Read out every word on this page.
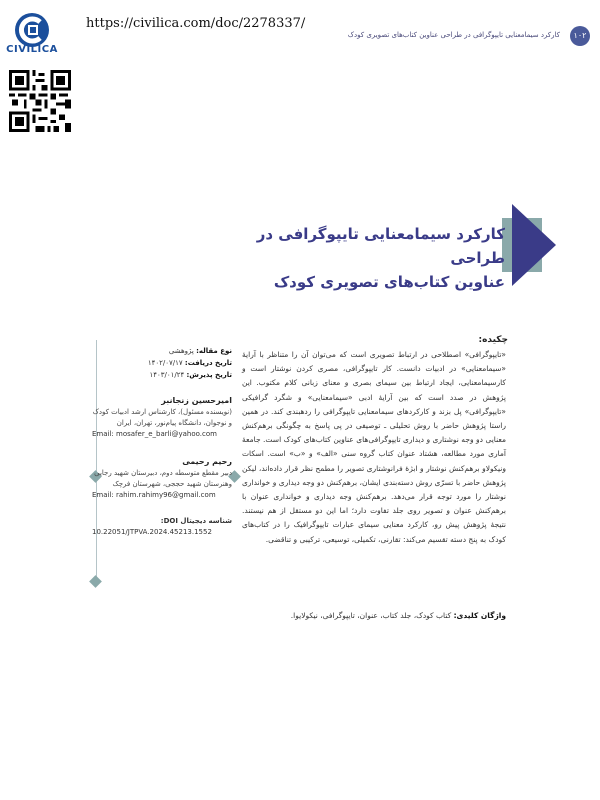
CIVILICA
https://civilica.com/doc/2278337/
۱۰۲
کارکرد سیمامعنایی تایپوگرافی در طراحی عناوین کتاب‌های تصویری کودک
کارکرد سیمامعنایی تایپوگرافی در طراحی
عناوین کتاب‌های تصویری کودک
چکیده:
«تایپوگرافی» اصطلاحی در ارتباط تصویری است که می‌توان آن را متناظر با آرایهٔ «سیمامعنایی» در ادبیات دانست. کار تایپوگرافی، مصری کردن نوشتار است و کارسیمامعنایی، ایجاد ارتباط بین سیمای بصری و معنای زبانی کلام مکتوب. این پژوهش در صدد است که بین آرایهٔ ادبی «سیمامعنایی» و شگرد گرافیکی «تایپوگرافی» پل بزند و کارکردهای سیمامعنایی تایپوگرافی را ردهبندی کند. در همین راستا پژوهش حاضر با روش تحلیلی ـ توصیفی در پی پاسخ به چگونگی برهم‌کنش معنایی دو وجه نوشتاری و دیداری تایپوگرافی‌های عناوین کتاب‌های کودک است. جامعهٔ آماری مورد مطالعه، هشتاد عنوان کتاب گروه سنی «الف» و «ب» است. اسکات ونیکولاو برهم‌کنش نوشتار و ابژهٔ فرانوشتاری تصویر را مطمح نظر قرار داده‌اند، لیکن پژوهش حاضر با تسرّی روش دسته‌بندی ایشان، برهم‌کنش دو وجه دیداری و خوانداری نوشتار را مورد توجه قرار می‌دهد. برهم‌کنش وجه دیداری و خوانداری عنوان با برهم‌کنش عنوان و تصویر روی جلد تفاوت دارد؛ اما این دو مستقل از هم نیستند. نتیجهٔ پژوهش پیش رو، کارکرد معنایی سیمای عبارات تایپوگرافیک را در کتاب‌های کودک به پنج دسته تقسیم می‌کند: تقارنی، تکمیلی، توسیعی، ترکیبی و تناقضی.
واژگان کلیدی: کتاب کودک، جلد کتاب، عنوان، تایپوگرافی، نیکولایوا.
نوع مقاله: پژوهشی
تاریخ دریافت: ۱۴۰۲/۰۷/۱۷
تاریخ پذیرش: ۱۴۰۳/۰۱/۲۴
امیرحسین زنجانبر
(نویسنده مسئول)، کارشناس ارشد ادبیات کودک و نوجوان، دانشگاه پیام‌نور، تهران، ایران
Email: mosafer_e_barli@yahoo.com
رحیم رحیمی
دبیر مقطع متوسطه دوم، دبیرستان شهید رجایی وهنرستان شهید حججی، شهرستان فرچک
Email: rahim.rahimy96@gmail.com
شناسه دیجیتال DOI:
10.22051/JTPVA.2024.45213.1552
